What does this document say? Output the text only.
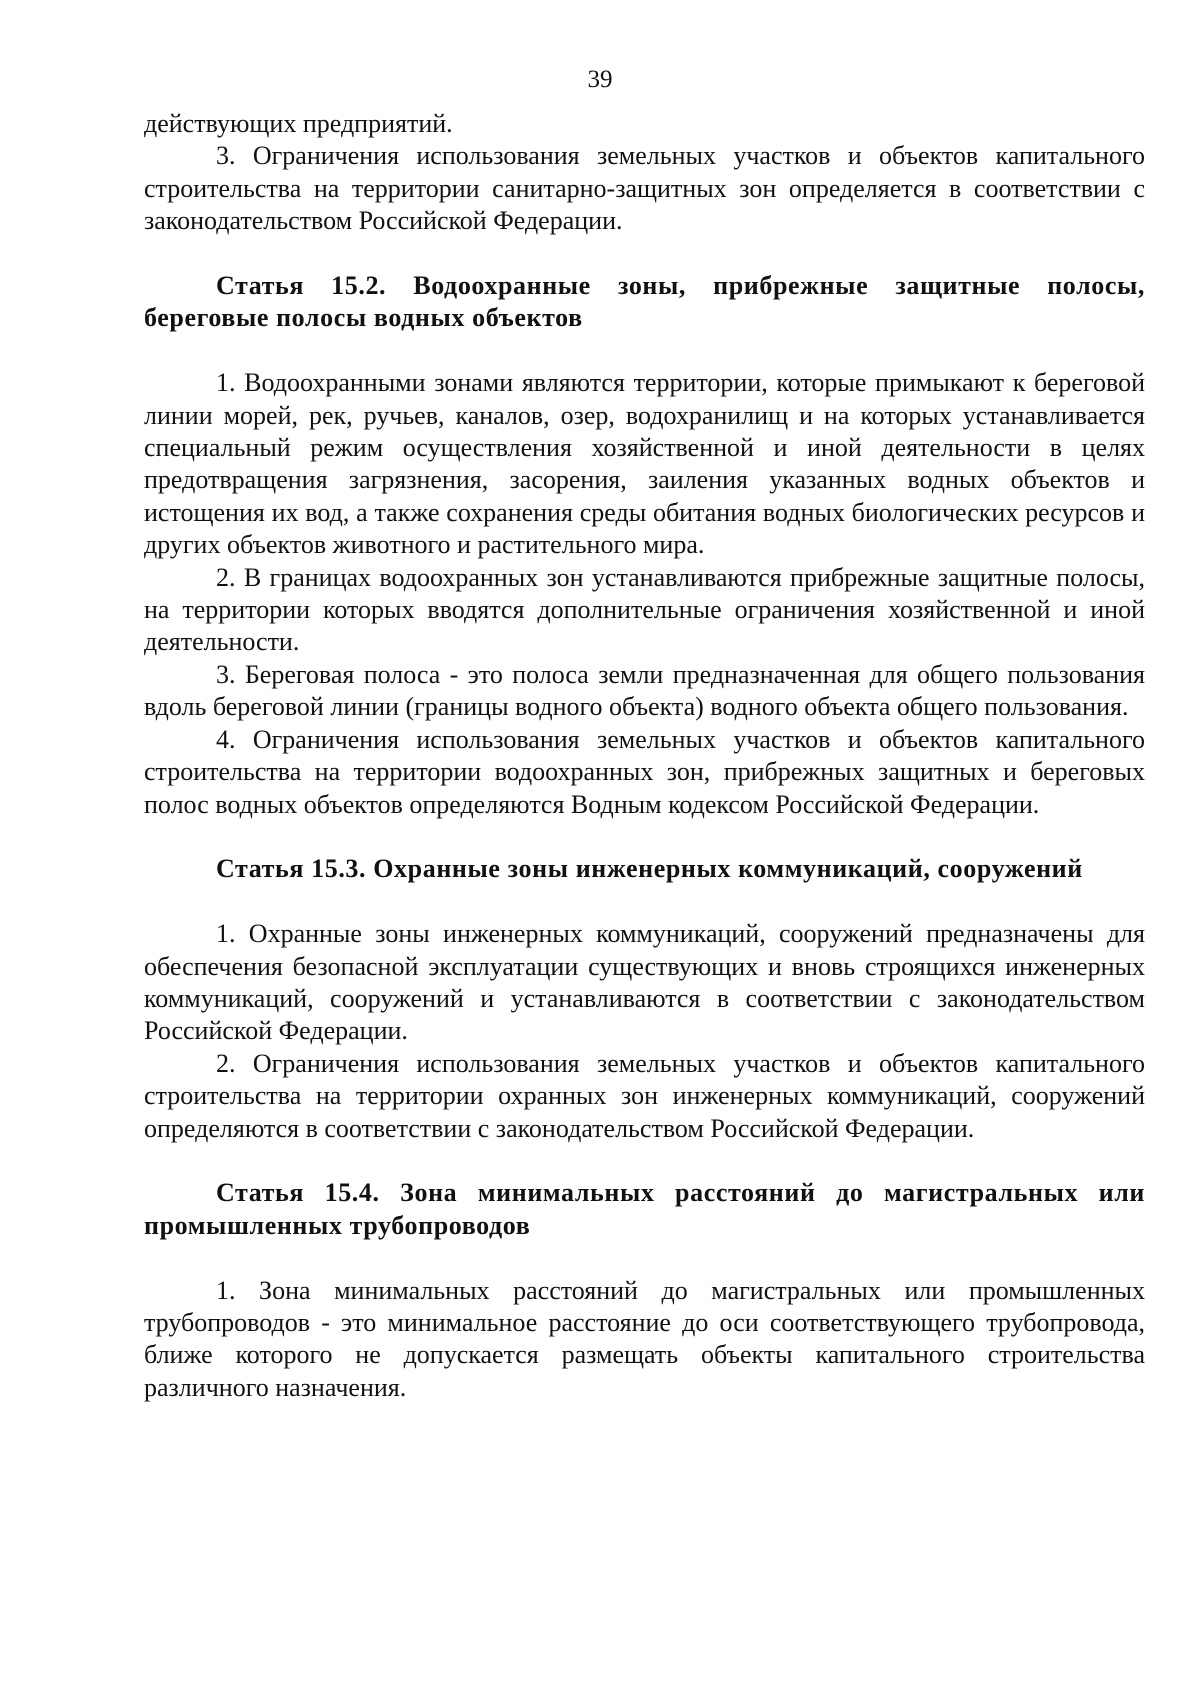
39

действующих предприятий.

3. Ограничения использования земельных участков и объектов капитального строительства на территории санитарно-защитных зон определяется в соответствии с законодательством Российской Федерации.

Статья 15.2. Водоохранные зоны, прибрежные защитные полосы, береговые полосы водных объектов

1. Водоохранными зонами являются территории, которые примыкают к береговой линии морей, рек, ручьев, каналов, озер, водохранилищ и на которых устанавливается специальный режим осуществления хозяйственной и иной деятельности в целях предотвращения загрязнения, засорения, заиления указанных водных объектов и истощения их вод, а также сохранения среды обитания водных биологических ресурсов и других объектов животного и растительного мира.

2. В границах водоохранных зон устанавливаются прибрежные защитные полосы, на территории которых вводятся дополнительные ограничения хозяйственной и иной деятельности.

3. Береговая полоса - это полоса земли предназначенная для общего пользования вдоль береговой линии (границы водного объекта) водного объекта общего пользования.

4. Ограничения использования земельных участков и объектов капитального строительства на территории водоохранных зон, прибрежных защитных и береговых полос водных объектов определяются Водным кодексом Российской Федерации.

Статья 15.3. Охранные зоны инженерных коммуникаций, сооружений

1. Охранные зоны инженерных коммуникаций, сооружений предназначены для обеспечения безопасной эксплуатации существующих и вновь строящихся инженерных коммуникаций, сооружений и устанавливаются в соответствии с законодательством Российской Федерации.

2. Ограничения использования земельных участков и объектов капитального строительства на территории охранных зон инженерных коммуникаций, сооружений определяются в соответствии с законодательством Российской Федерации.

Статья 15.4. Зона минимальных расстояний до магистральных или промышленных трубопроводов

1. Зона минимальных расстояний до магистральных или промышленных трубопроводов - это минимальное расстояние до оси соответствующего трубопровода, ближе которого не допускается размещать объекты капитального строительства различного назначения.
